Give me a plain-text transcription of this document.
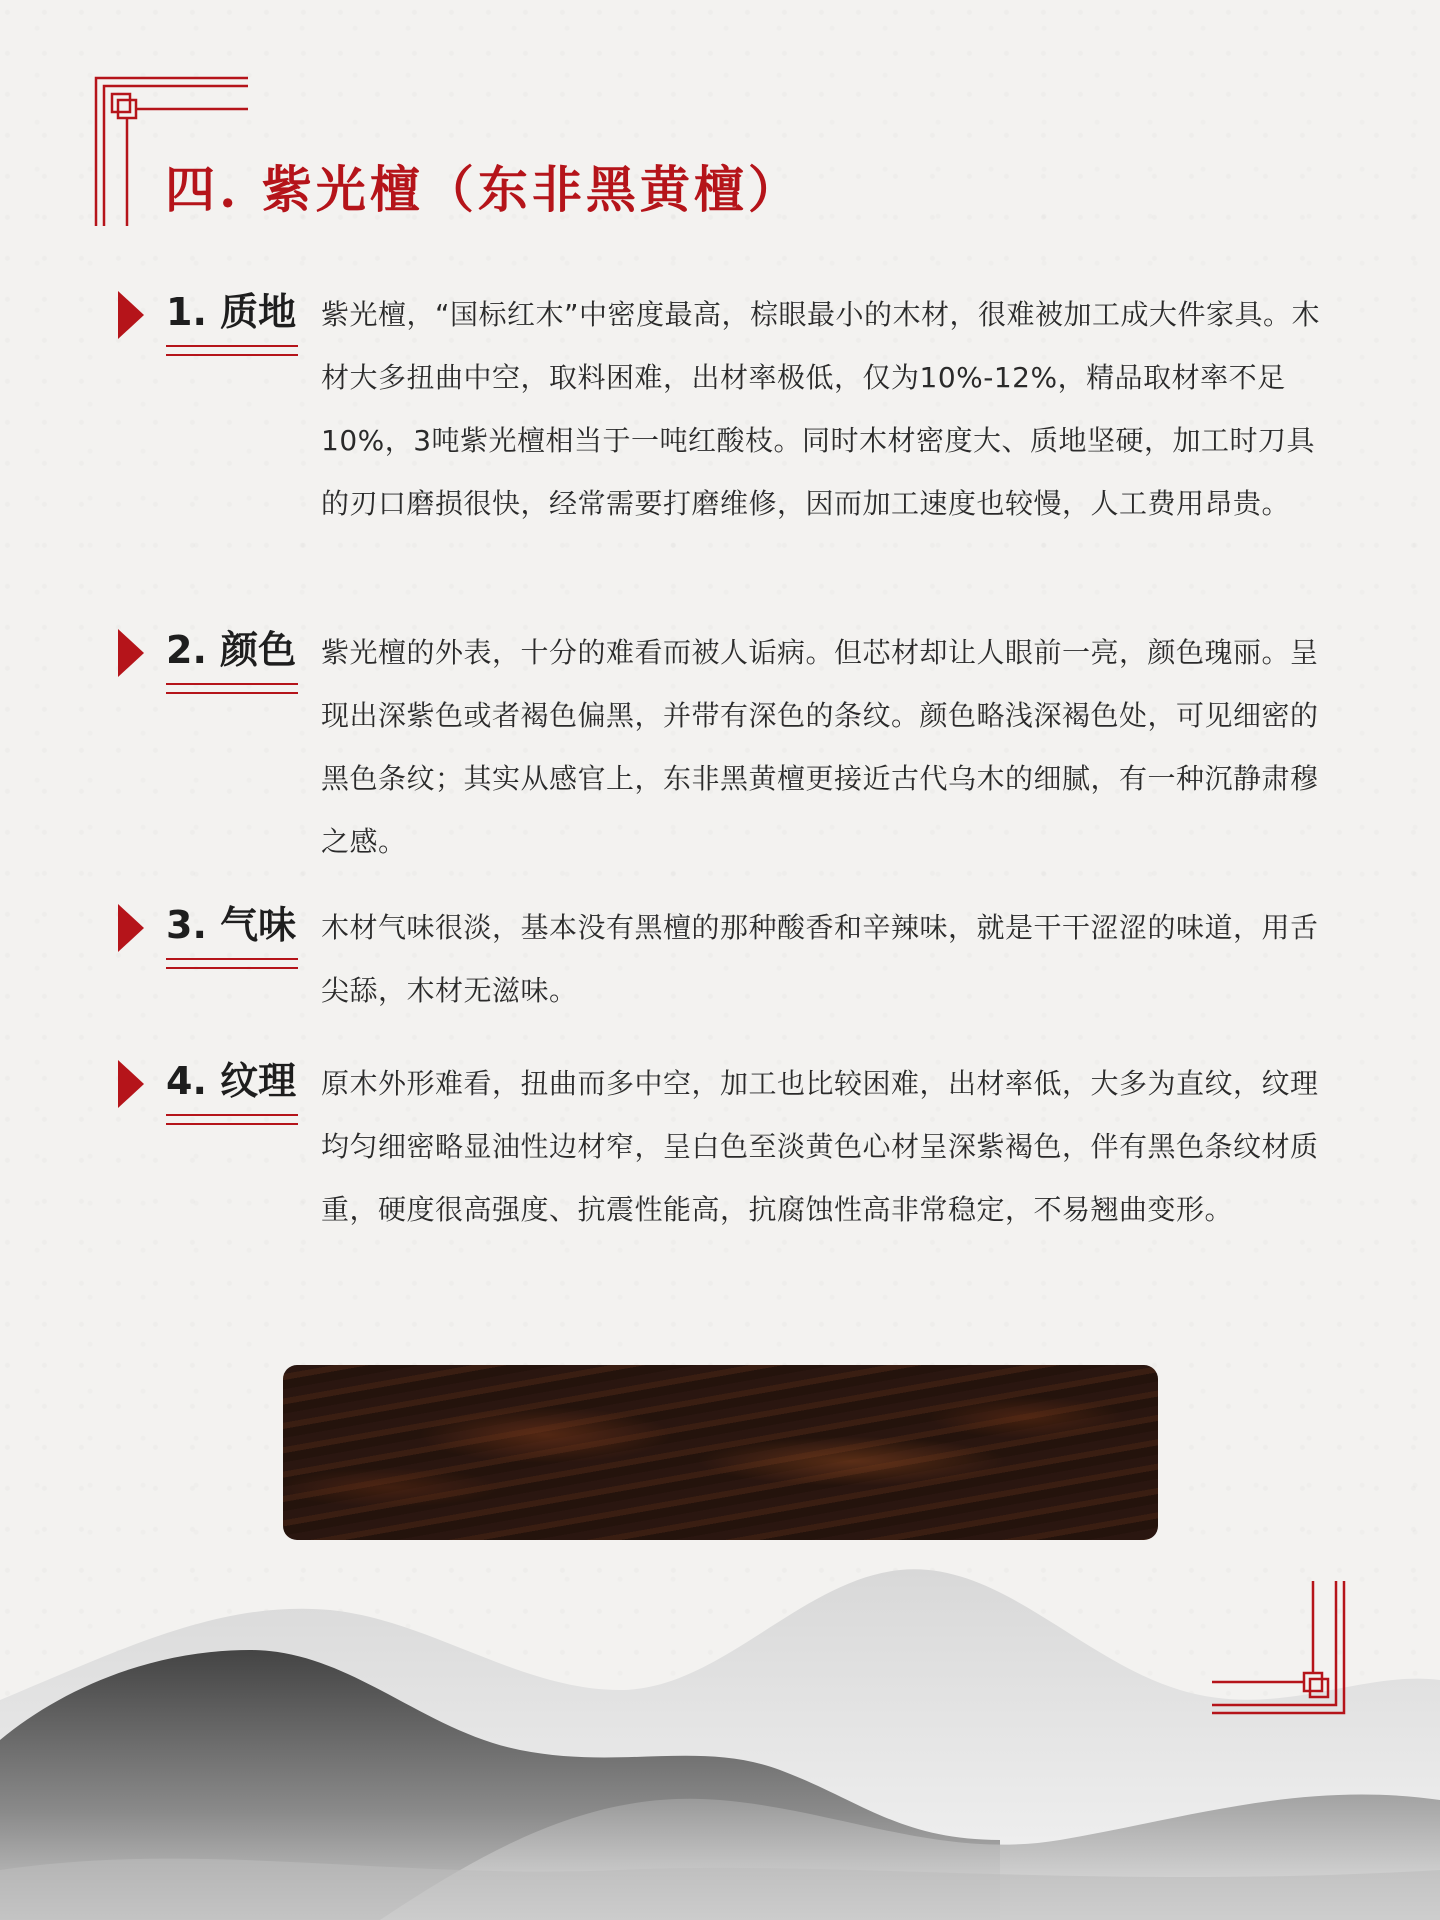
四. 紫光檀（东非黑黄檀）
1. 质地 紫光檀，“国标红木”中密度最高，棕眼最小的木材，很难被加工成大件家具。木材大多扭曲中空，取料困难，出材率极低，仅为10%-12%，精品取材率不足10%，3吨紫光檀相当于一吨红酸枝。同时木材密度大、质地坚硬，加工时刀具的刃口磨损很快，经常需要打磨维修，因而加工速度也较慢，人工费用昂贵。

2. 颜色 紫光檀的外表，十分的难看而被人诟病。但芯材却让人眼前一亮，颜色瑰丽。呈现出深紫色或者褐色偏黑，并带有深色的条纹。颜色略浅深褐色处，可见细密的黑色条纹；其实从感官上，东非黑黄檀更接近古代乌木的细腻，有一种沉静肃穆之感。

3. 气味 木材气味很淡，基本没有黑檀的那种酸香和辛辣味，就是干干涩涩的味道，用舌尖舔，木材无滋味。

4. 纹理 原木外形难看，扭曲而多中空，加工也比较困难，出材率低，大多为直纹，纹理均匀细密略显油性边材窄，呈白色至淡黄色心材呈深紫褐色，伴有黑色条纹材质重，硬度很高强度、抗震性能高，抗腐蚀性高非常稳定，不易翘曲变形。
